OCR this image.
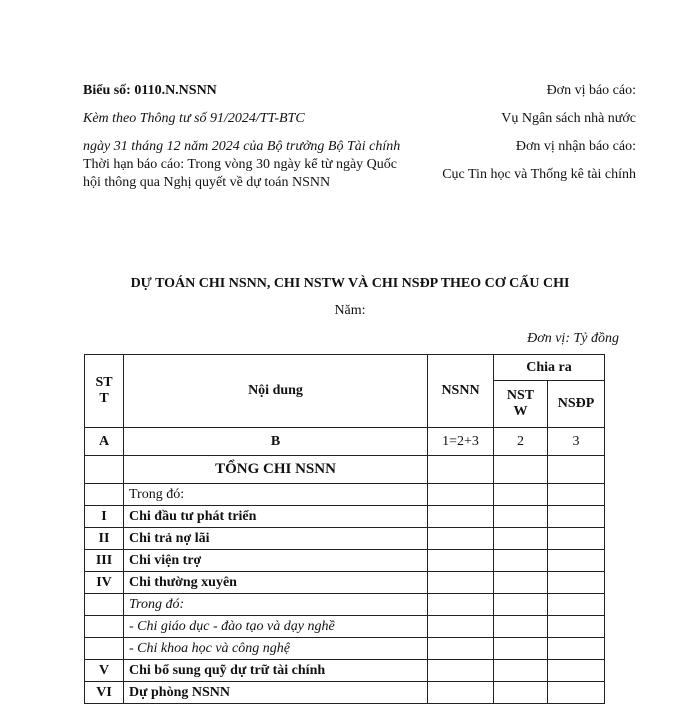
Biểu số: 0110.N.NSNN

Kèm theo Thông tư số 91/2024/TT-BTC

ngày 31 tháng 12 năm 2024 của Bộ trưởng Bộ Tài chính Thời hạn báo cáo: Trong vòng 30 ngày kể từ ngày Quốc hội thông qua Nghị quyết về dự toán NSNN

Đơn vị báo cáo:

Vụ Ngân sách nhà nước

Đơn vị nhận báo cáo:

Cục Tin học và Thống kê tài chính

DỰ TOÁN CHI NSNN, CHI NSTW VÀ CHI NSĐP THEO CƠ CẤU CHI
Năm:
Đơn vị: Tỷ đồng
ST T	Nội dung	NSNN	Chia ra	
			NST W	NSĐP
A	B	1=2+3	2	3
	TỔNG CHI NSNN			
	Trong đó:			
I	Chi đầu tư phát triển			
II	Chi trả nợ lãi			
III	Chi viện trợ			
IV	Chi thường xuyên			
	Trong đó:			
	- Chi giáo dục - đào tạo và dạy nghề			
	- Chi khoa học và công nghệ			
V	Chi bổ sung quỹ dự trữ tài chính			
VI	Dự phòng NSNN			
